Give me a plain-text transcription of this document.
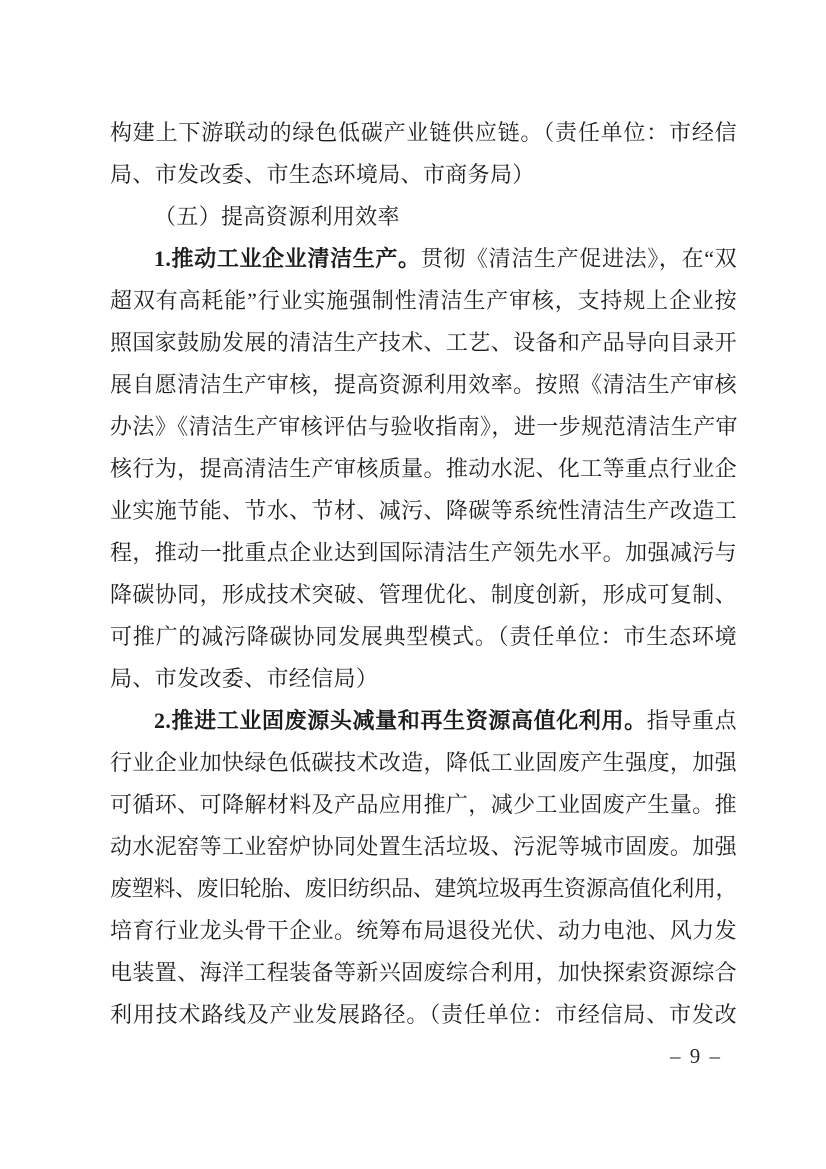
构建上下游联动的绿色低碳产业链供应链。（责任单位：市经信
局、市发改委、市生态环境局、市商务局）
（五）提高资源利用效率
1.推动工业企业清洁生产。贯彻《清洁生产促进法》，在“双
超双有高耗能”行业实施强制性清洁生产审核，支持规上企业按
照国家鼓励发展的清洁生产技术、工艺、设备和产品导向目录开
展自愿清洁生产审核，提高资源利用效率。按照《清洁生产审核
办法》《清洁生产审核评估与验收指南》，进一步规范清洁生产审
核行为，提高清洁生产审核质量。推动水泥、化工等重点行业企
业实施节能、节水、节材、减污、降碳等系统性清洁生产改造工
程，推动一批重点企业达到国际清洁生产领先水平。加强减污与
降碳协同，形成技术突破、管理优化、制度创新，形成可复制、
可推广的减污降碳协同发展典型模式。（责任单位：市生态环境
局、市发改委、市经信局）
2.推进工业固废源头减量和再生资源高值化利用。指导重点
行业企业加快绿色低碳技术改造，降低工业固废产生强度，加强
可循环、可降解材料及产品应用推广，减少工业固废产生量。推
动水泥窑等工业窑炉协同处置生活垃圾、污泥等城市固废。加强
废塑料、废旧轮胎、废旧纺织品、建筑垃圾再生资源高值化利用，
培育行业龙头骨干企业。统筹布局退役光伏、动力电池、风力发
电装置、海洋工程装备等新兴固废综合利用，加快探索资源综合
利用技术路线及产业发展路径。（责任单位：市经信局、市发改
– 9 –
